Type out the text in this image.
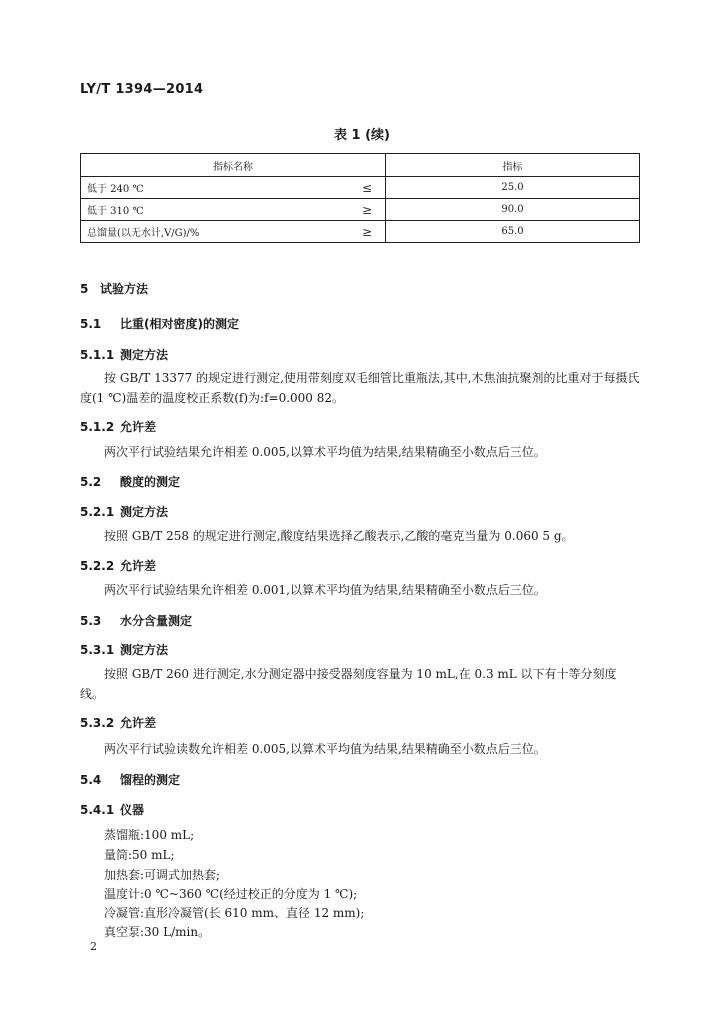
LY/T 1394—2014
表 1 (续)
指标名称		指标
低于 240 ℃	≤	25.0
低于 310 ℃	≥	90.0
总馏量(以无水计,V/G)/%	≥	65.0
5 试验方法
5.1 比重(相对密度)的测定
5.1.1 测定方法
按 GB/T 13377 的规定进行测定,使用带刻度双毛细管比重瓶法,其中,木焦油抗聚剂的比重对于每摄氏度(1 ℃)温差的温度校正系数(f)为:f=0.000 82。
5.1.2 允许差
两次平行试验结果允许相差 0.005,以算术平均值为结果,结果精确至小数点后三位。
5.2 酸度的测定
5.2.1 测定方法
按照 GB/T 258 的规定进行测定,酸度结果选择乙酸表示,乙酸的毫克当量为 0.060 5 g。
5.2.2 允许差
两次平行试验结果允许相差 0.001,以算术平均值为结果,结果精确至小数点后三位。
5.3 水分含量测定
5.3.1 测定方法
按照 GB/T 260 进行测定,水分测定器中接受器刻度容量为 10 mL,在 0.3 mL 以下有十等分刻度线。
5.3.2 允许差
两次平行试验读数允许相差 0.005,以算术平均值为结果,结果精确至小数点后三位。
5.4 馏程的测定
5.4.1 仪器
蒸馏瓶:100 mL;
量筒:50 mL;
加热套:可调式加热套;
温度计:0 ℃~360 ℃(经过校正的分度为 1 ℃);
冷凝管:直形冷凝管(长 610 mm、直径 12 mm);
真空泵:30 L/min。
2
